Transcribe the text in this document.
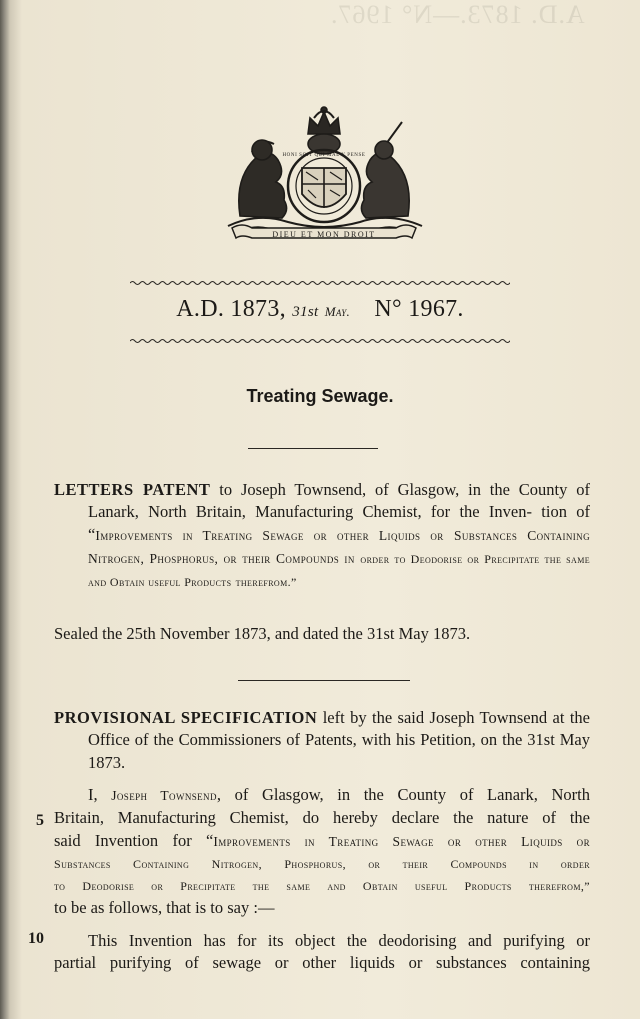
A.D. 1873.—N° 1967.
DIEU ET MON DROIT
HONI SOIT QUI MAL Y PENSE
A.D. 1873, 31st May. N° 1967.
Treating Sewage.
LETTERS PATENT to Joseph Townsend, of Glasgow, in the County of Lanark, North Britain, Manufacturing Chemist, for the Inven- tion of “Improvements in Treating Sewage or other Liquids or Substances Containing Nitrogen, Phosphorus, or their Compounds in order to Deodorise or Precipitate the same and Obtain useful Products therefrom.”
Sealed the 25th November 1873, and dated the 31st May 1873.
PROVISIONAL SPECIFICATION left by the said Joseph Townsend at the Office of the Commissioners of Patents, with his Petition, on the 31st May 1873.
I, Joseph Townsend, of Glasgow, in the County of Lanark, North
Britain, Manufacturing Chemist, do hereby declare the nature of the
said Invention for “Improvements in Treating Sewage or other Liquids or
Substances Containing Nitrogen, Phosphorus, or their Compounds in order
to Deodorise or Precipitate the same and Obtain useful Products therefrom,”
to be as follows, that is to say :—
This Invention has for its object the deodorising and purifying or
partial purifying of sewage or other liquids or substances containing
5
10
